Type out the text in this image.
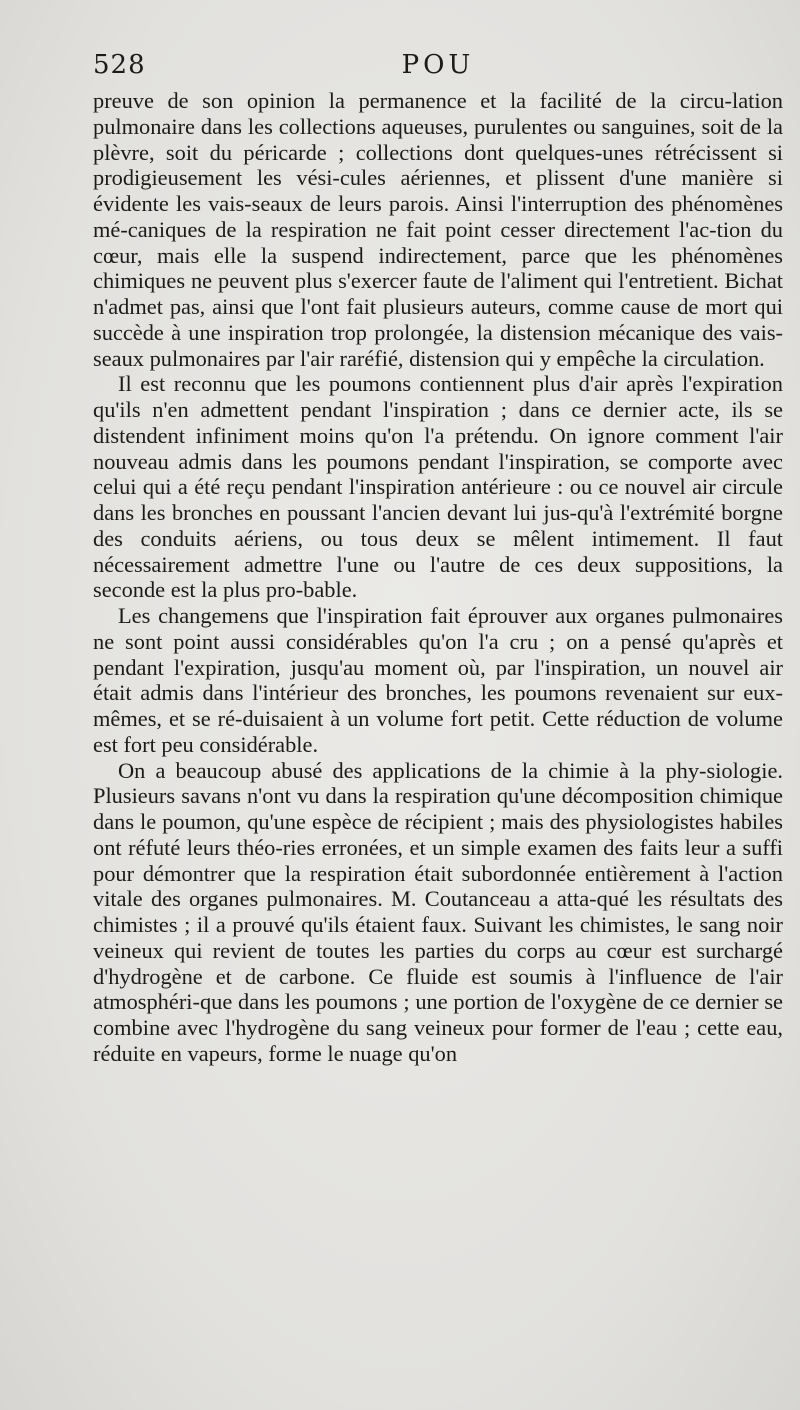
528	POU

preuve de son opinion la permanence et la facilité de la circu-lation pulmonaire dans les collections aqueuses, purulentes ou sanguines, soit de la plèvre, soit du péricarde ; collections dont quelques-unes rétrécissent si prodigieusement les vési-cules aériennes, et plissent d'une manière si évidente les vais-seaux de leurs parois. Ainsi l'interruption des phénomènes mé-caniques de la respiration ne fait point cesser directement l'ac-tion du cœur, mais elle la suspend indirectement, parce que les phénomènes chimiques ne peuvent plus s'exercer faute de l'aliment qui l'entretient. Bichat n'admet pas, ainsi que l'ont fait plusieurs auteurs, comme cause de mort qui succède à une inspiration trop prolongée, la distension mécanique des vais-seaux pulmonaires par l'air raréfié, distension qui y empêche la circulation.

Il est reconnu que les poumons contiennent plus d'air après l'expiration qu'ils n'en admettent pendant l'inspiration ; dans ce dernier acte, ils se distendent infiniment moins qu'on l'a prétendu. On ignore comment l'air nouveau admis dans les poumons pendant l'inspiration, se comporte avec celui qui a été reçu pendant l'inspiration antérieure : ou ce nouvel air circule dans les bronches en poussant l'ancien devant lui jus-qu'à l'extrémité borgne des conduits aériens, ou tous deux se mêlent intimement. Il faut nécessairement admettre l'une ou l'autre de ces deux suppositions, la seconde est la plus pro-bable.

Les changemens que l'inspiration fait éprouver aux organes pulmonaires ne sont point aussi considérables qu'on l'a cru ; on a pensé qu'après et pendant l'expiration, jusqu'au moment où, par l'inspiration, un nouvel air était admis dans l'intérieur des bronches, les poumons revenaient sur eux-mêmes, et se ré-duisaient à un volume fort petit. Cette réduction de volume est fort peu considérable.

On a beaucoup abusé des applications de la chimie à la phy-siologie. Plusieurs savans n'ont vu dans la respiration qu'une décomposition chimique dans le poumon, qu'une espèce de récipient ; mais des physiologistes habiles ont réfuté leurs théo-ries erronées, et un simple examen des faits leur a suffi pour démontrer que la respiration était subordonnée entièrement à l'action vitale des organes pulmonaires. M. Coutanceau a atta-qué les résultats des chimistes ; il a prouvé qu'ils étaient faux. Suivant les chimistes, le sang noir veineux qui revient de toutes les parties du corps au cœur est surchargé d'hydrogène et de carbone. Ce fluide est soumis à l'influence de l'air atmosphéri-que dans les poumons ; une portion de l'oxygène de ce dernier se combine avec l'hydrogène du sang veineux pour former de l'eau ; cette eau, réduite en vapeurs, forme le nuage qu'on
